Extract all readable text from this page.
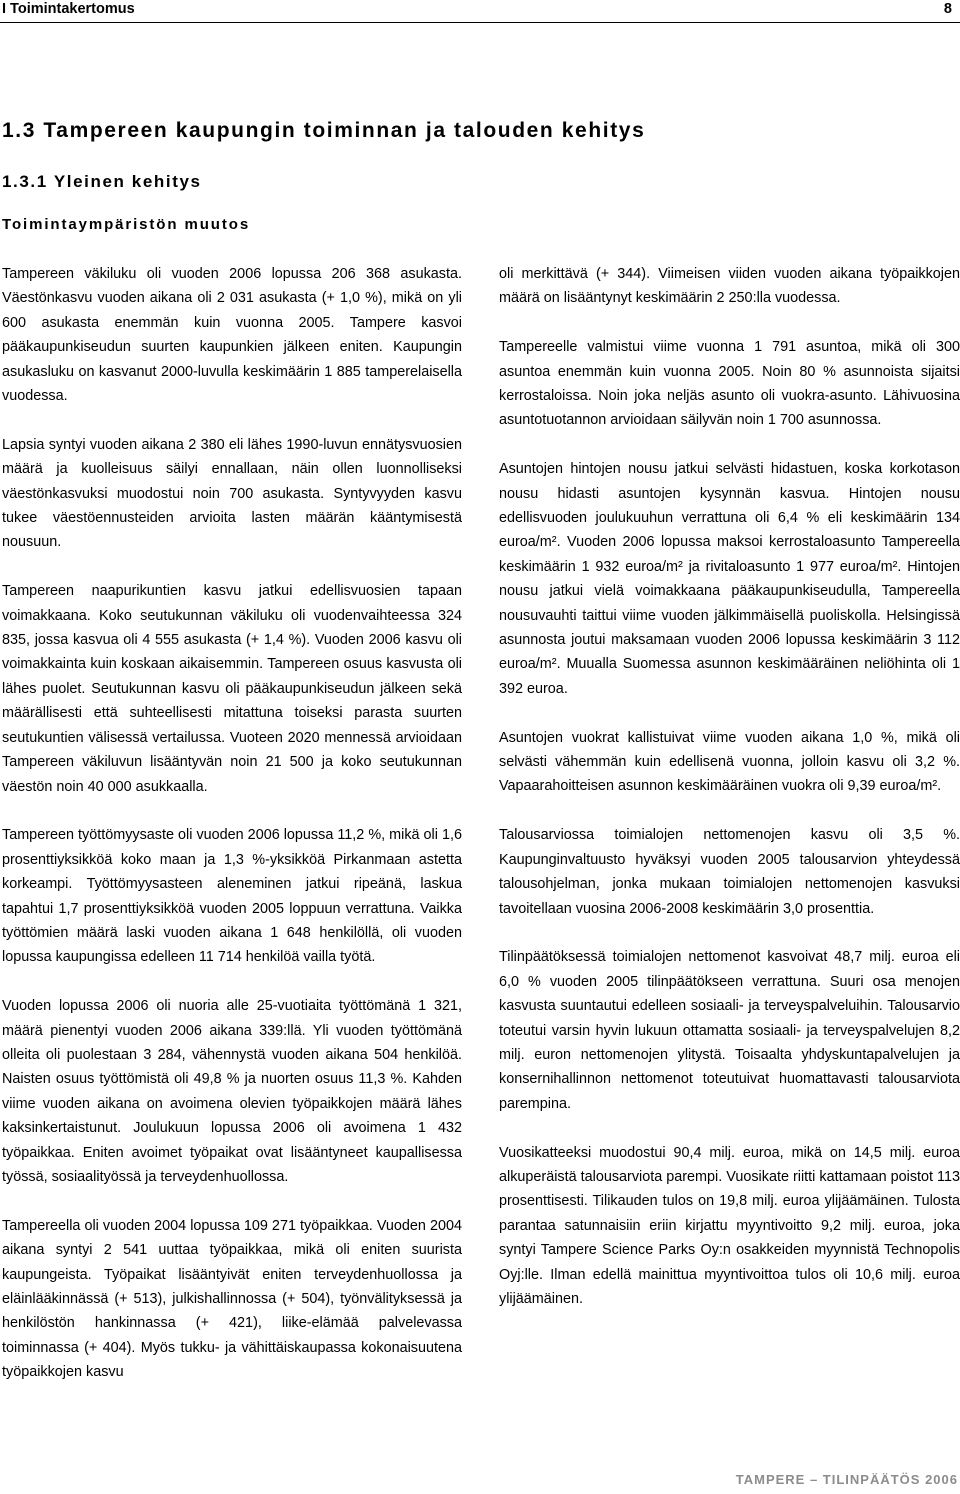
I Toimintakertomus	8
1.3 Tampereen kaupungin toiminnan ja talouden kehitys
1.3.1 Yleinen kehitys
Toimintaympäristön muutos

Tampereen väkiluku oli vuoden 2006 lopussa 206 368 asukasta. Väestönkasvu vuoden aikana oli 2 031 asukasta (+ 1,0 %), mikä on yli 600 asukasta enemmän kuin vuonna 2005. Tampere kasvoi pääkaupunkiseudun suurten kaupunkien jälkeen eniten. Kaupungin asukasluku on kasvanut 2000-luvulla keskimäärin 1 885 tamperelaisella vuodessa.

Lapsia syntyi vuoden aikana 2 380 eli lähes 1990-luvun ennätysvuosien määrä ja kuolleisuus säilyi ennallaan, näin ollen luonnolliseksi väestönkasvuksi muodostui noin 700 asukasta. Syntyvyyden kasvu tukee väestöennusteiden arvioita lasten määrän kääntymisestä nousuun.

Tampereen naapurikuntien kasvu jatkui edellisvuosien tapaan voimakkaana. Koko seutukunnan väkiluku oli vuodenvaihteessa 324 835, jossa kasvua oli 4 555 asukasta (+ 1,4 %). Vuoden 2006 kasvu oli voimakkainta kuin koskaan aikaisemmin. Tampereen osuus kasvusta oli lähes puolet. Seutukunnan kasvu oli pääkaupunkiseudun jälkeen sekä määrällisesti että suhteellisesti mitattuna toiseksi parasta suurten seutukuntien välisessä vertailussa. Vuoteen 2020 mennessä arvioidaan Tampereen väkiluvun lisääntyvän noin 21 500 ja koko seutukunnan väestön noin 40 000 asukkaalla.

Tampereen työttömyysaste oli vuoden 2006 lopussa 11,2 %, mikä oli 1,6 prosenttiyksikköä koko maan ja 1,3 %-yksikköä Pirkanmaan astetta korkeampi. Työttömyysasteen aleneminen jatkui ripeänä, laskua tapahtui 1,7 prosenttiyksikköä vuoden 2005 loppuun verrattuna. Vaikka työttömien määrä laski vuoden aikana 1 648 henkilöllä, oli vuoden lopussa kaupungissa edelleen 11 714 henkilöä vailla työtä.

Vuoden lopussa 2006 oli nuoria alle 25-vuotiaita työttömänä 1 321, määrä pienentyi vuoden 2006 aikana 339:llä. Yli vuoden työttömänä olleita oli puolestaan 3 284, vähennystä vuoden aikana 504 henkilöä. Naisten osuus työttömistä oli 49,8 % ja nuorten osuus 11,3 %. Kahden viime vuoden aikana on avoimena olevien työpaikkojen määrä lähes kaksinkertaistunut. Joulukuun lopussa 2006 oli avoimena 1 432 työpaikkaa. Eniten avoimet työpaikat ovat lisääntyneet kaupallisessa työssä, sosiaalityössä ja terveydenhuollossa.

Tampereella oli vuoden 2004 lopussa 109 271 työpaikkaa. Vuoden 2004 aikana syntyi 2 541 uuttaa työpaikkaa, mikä oli eniten suurista kaupungeista. Työpaikat lisääntyivät eniten terveydenhuollossa ja eläinlääkinnässä (+ 513), julkishallinnossa (+ 504), työnvälityksessä ja henkilöstön hankinnassa (+ 421), liike-elämää palvelevassa toiminnassa (+ 404). Myös tukku- ja vähittäiskaupassa kokonaisuutena työpaikkojen kasvu

oli merkittävä (+ 344). Viimeisen viiden vuoden aikana työpaikkojen määrä on lisääntynyt keskimäärin 2 250:lla vuodessa.

Tampereelle valmistui viime vuonna 1 791 asuntoa, mikä oli 300 asuntoa enemmän kuin vuonna 2005. Noin 80 % asunnoista sijaitsi kerrostaloissa. Noin joka neljäs asunto oli vuokra-asunto. Lähivuosina asuntotuotannon arvioidaan säilyvän noin 1 700 asunnossa.

Asuntojen hintojen nousu jatkui selvästi hidastuen, koska korkotason nousu hidasti asuntojen kysynnän kasvua. Hintojen nousu edellisvuoden joulukuuhun verrattuna oli 6,4 % eli keskimäärin 134 euroa/m². Vuoden 2006 lopussa maksoi kerrostaloasunto Tampereella keskimäärin 1 932 euroa/m² ja rivitaloasunto 1 977 euroa/m². Hintojen nousu jatkui vielä voimakkaana pääkaupunkiseudulla, Tampereella nousuvauhti taittui viime vuoden jälkimmäisellä puoliskolla. Helsingissä asunnosta joutui maksamaan vuoden 2006 lopussa keskimäärin 3 112 euroa/m². Muualla Suomessa asunnon keskimääräinen neliöhinta oli 1 392 euroa.

Asuntojen vuokrat kallistuivat viime vuoden aikana 1,0 %, mikä oli selvästi vähemmän kuin edellisenä vuonna, jolloin kasvu oli 3,2 %. Vapaarahoitteisen asunnon keskimääräinen vuokra oli 9,39 euroa/m².

Talousarviossa toimialojen nettomenojen kasvu oli 3,5 %. Kaupunginvaltuusto hyväksyi vuoden 2005 talousarvion yhteydessä talousohjelman, jonka mukaan toimialojen nettomenojen kasvuksi tavoitellaan vuosina 2006-2008 keskimäärin 3,0 prosenttia.

Tilinpäätöksessä toimialojen nettomenot kasvoivat 48,7 milj. euroa eli 6,0 % vuoden 2005 tilinpäätökseen verrattuna. Suuri osa menojen kasvusta suuntautui edelleen sosiaali- ja terveyspalveluihin. Talousarvio toteutui varsin hyvin lukuun ottamatta sosiaali- ja terveyspalvelujen 8,2 milj. euron nettomenojen ylitystä. Toisaalta yhdyskuntapalvelujen ja konsernihallinnon nettomenot toteutuivat huomattavasti talousarviota parempina.

Vuosikatteeksi muodostui 90,4 milj. euroa, mikä on 14,5 milj. euroa alkuperäistä talousarviota parempi. Vuosikate riitti kattamaan poistot 113 prosenttisesti. Tilikauden tulos on 19,8 milj. euroa ylijäämäinen. Tulosta parantaa satunnaisiin eriin kirjattu myyntivoitto 9,2 milj. euroa, joka syntyi Tampere Science Parks Oy:n osakkeiden myynnistä Technopolis Oyj:lle. Ilman edellä mainittua myyntivoittoa tulos oli 10,6 milj. euroa ylijäämäinen.

TAMPERE – TILINPÄÄTÖS 2006
